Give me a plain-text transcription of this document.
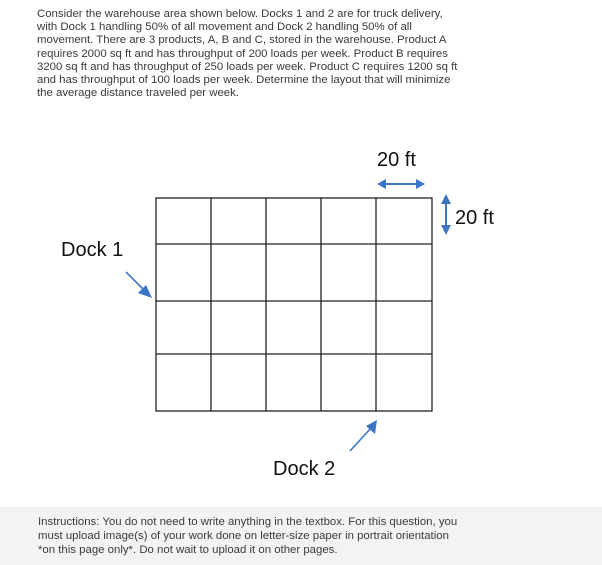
Consider the warehouse area shown below. Docks 1 and 2 are for truck delivery,
with Dock 1 handling 50% of all movement and Dock 2 handling 50% of all
movement. There are 3 products, A, B and C, stored in the warehouse. Product A
requires 2000 sq ft and has throughput of 200 loads per week. Product B requires
3200 sq ft and has throughput of 250 loads per week. Product C requires 1200 sq ft
and has throughput of 100 loads per week. Determine the layout that will minimize
the average distance traveled per week.
20 ft
20 ft
Dock 1
Dock 2
Instructions: You do not need to write anything in the textbox. For this question, you
must upload image(s) of your work done on letter-size paper in portrait orientation
*on this page only*. Do not wait to upload it on other pages.
